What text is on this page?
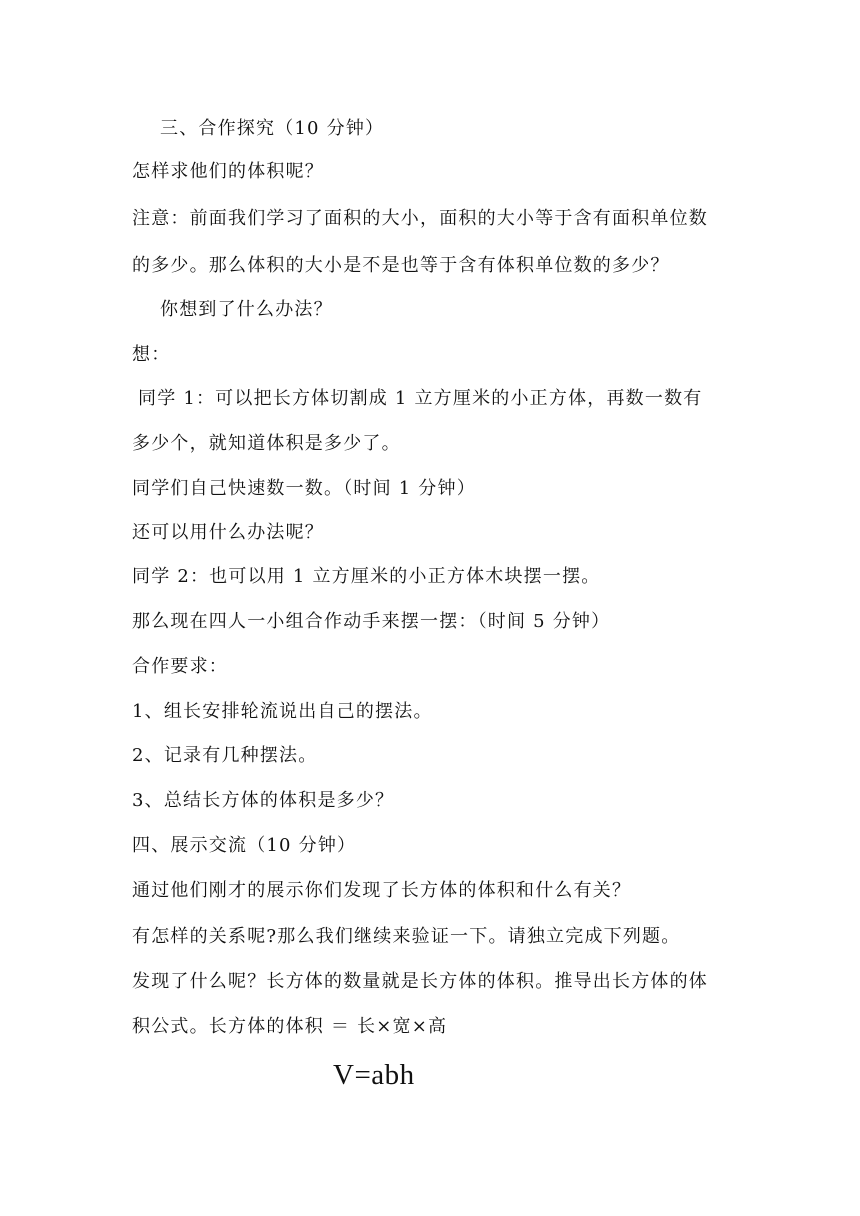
三、合作探究（10 分钟）
怎样求他们的体积呢？
注意：前面我们学习了面积的大小，面积的大小等于含有面积单位数
的多少。那么体积的大小是不是也等于含有体积单位数的多少？
你想到了什么办法？
想：
同学 1：可以把长方体切割成 1 立方厘米的小正方体，再数一数有
多少个，就知道体积是多少了。
同学们自己快速数一数。（时间 1 分钟）
还可以用什么办法呢？
同学 2：也可以用 1 立方厘米的小正方体木块摆一摆。
那么现在四人一小组合作动手来摆一摆：（时间 5 分钟）
合作要求：
1、组长安排轮流说出自己的摆法。
2、记录有几种摆法。
3、总结长方体的体积是多少？
四、展示交流（10 分钟）
通过他们刚才的展示你们发现了长方体的体积和什么有关？
有怎样的关系呢?那么我们继续来验证一下。请独立完成下列题。
发现了什么呢？长方体的数量就是长方体的体积。推导出长方体的体
积公式。长方体的体积 ＝ 长×宽×高
V=abh
